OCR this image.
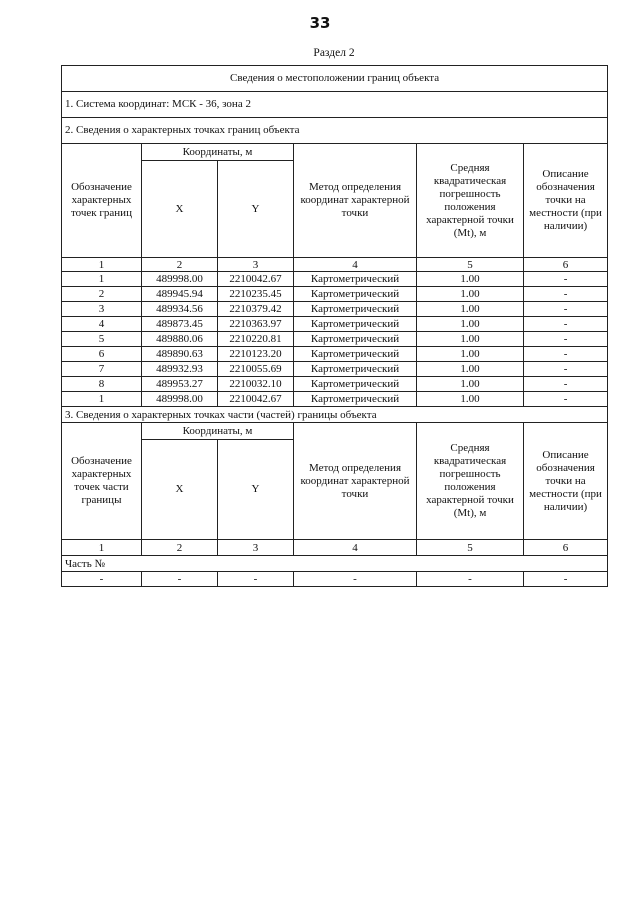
33
Раздел 2
Сведения о местоположении границ объекта					
1. Система координат: МСК - 36, зона 2					
2. Сведения о характерных точках границ объекта					
Обозначение характерных точек границ	Координаты, м		Метод определения координат характерной точки	Средняя квадратическая погрешность положения характерной точки (Mt), м	Описание обозначения точки на местности (при наличии)
	X	Y			
1	2	3	4	5	6
1	489998.00	2210042.67	Картометрический	1.00	-
2	489945.94	2210235.45	Картометрический	1.00	-
3	489934.56	2210379.42	Картометрический	1.00	-
4	489873.45	2210363.97	Картометрический	1.00	-
5	489880.06	2210220.81	Картометрический	1.00	-
6	489890.63	2210123.20	Картометрический	1.00	-
7	489932.93	2210055.69	Картометрический	1.00	-
8	489953.27	2210032.10	Картометрический	1.00	-
1	489998.00	2210042.67	Картометрический	1.00	-
3. Сведения о характерных точках части (частей) границы объекта					
Обозначение характерных точек части границы	Координаты, м		Метод определения координат характерной точки	Средняя квадратическая погрешность положения характерной точки (Mt), м	Описание обозначения точки на местности (при наличии)
	X	Y			
1	2	3	4	5	6
Часть №					
-	-	-	-	-	-
